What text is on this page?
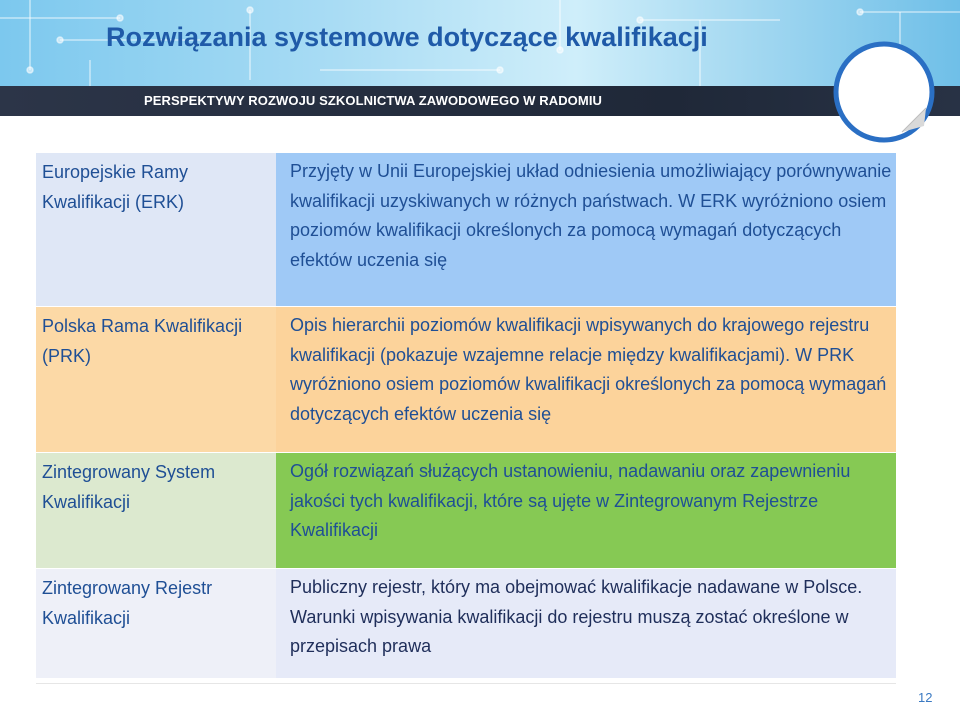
Rozwiązania systemowe dotyczące kwalifikacji
PERSPEKTYWY ROZWOJU SZKOLNICTWA ZAWODOWEGO W RADOMIU
Europejskie Ramy Kwalifikacji (ERK)
Przyjęty w Unii Europejskiej układ odniesienia umożliwiający porównywanie kwalifikacji uzyskiwanych w różnych państwach. W ERK wyróżniono osiem poziomów kwalifikacji określonych za pomocą wymagań dotyczących efektów uczenia się
Polska Rama Kwalifikacji (PRK)
Opis hierarchii poziomów kwalifikacji wpisywanych do krajowego rejestru kwalifikacji (pokazuje wzajemne relacje między kwalifikacjami). W PRK wyróżniono osiem poziomów kwalifikacji określonych za pomocą wymagań dotyczących efektów uczenia się
Zintegrowany System Kwalifikacji
Ogół rozwiązań służących ustanowieniu, nadawaniu oraz zapewnieniu jakości tych kwalifikacji, które są ujęte w Zintegrowanym Rejestrze Kwalifikacji
Zintegrowany Rejestr Kwalifikacji
Publiczny rejestr, który ma obejmować kwalifikacje nadawane w Polsce. Warunki wpisywania kwalifikacji do rejestru muszą zostać określone w przepisach prawa
12
